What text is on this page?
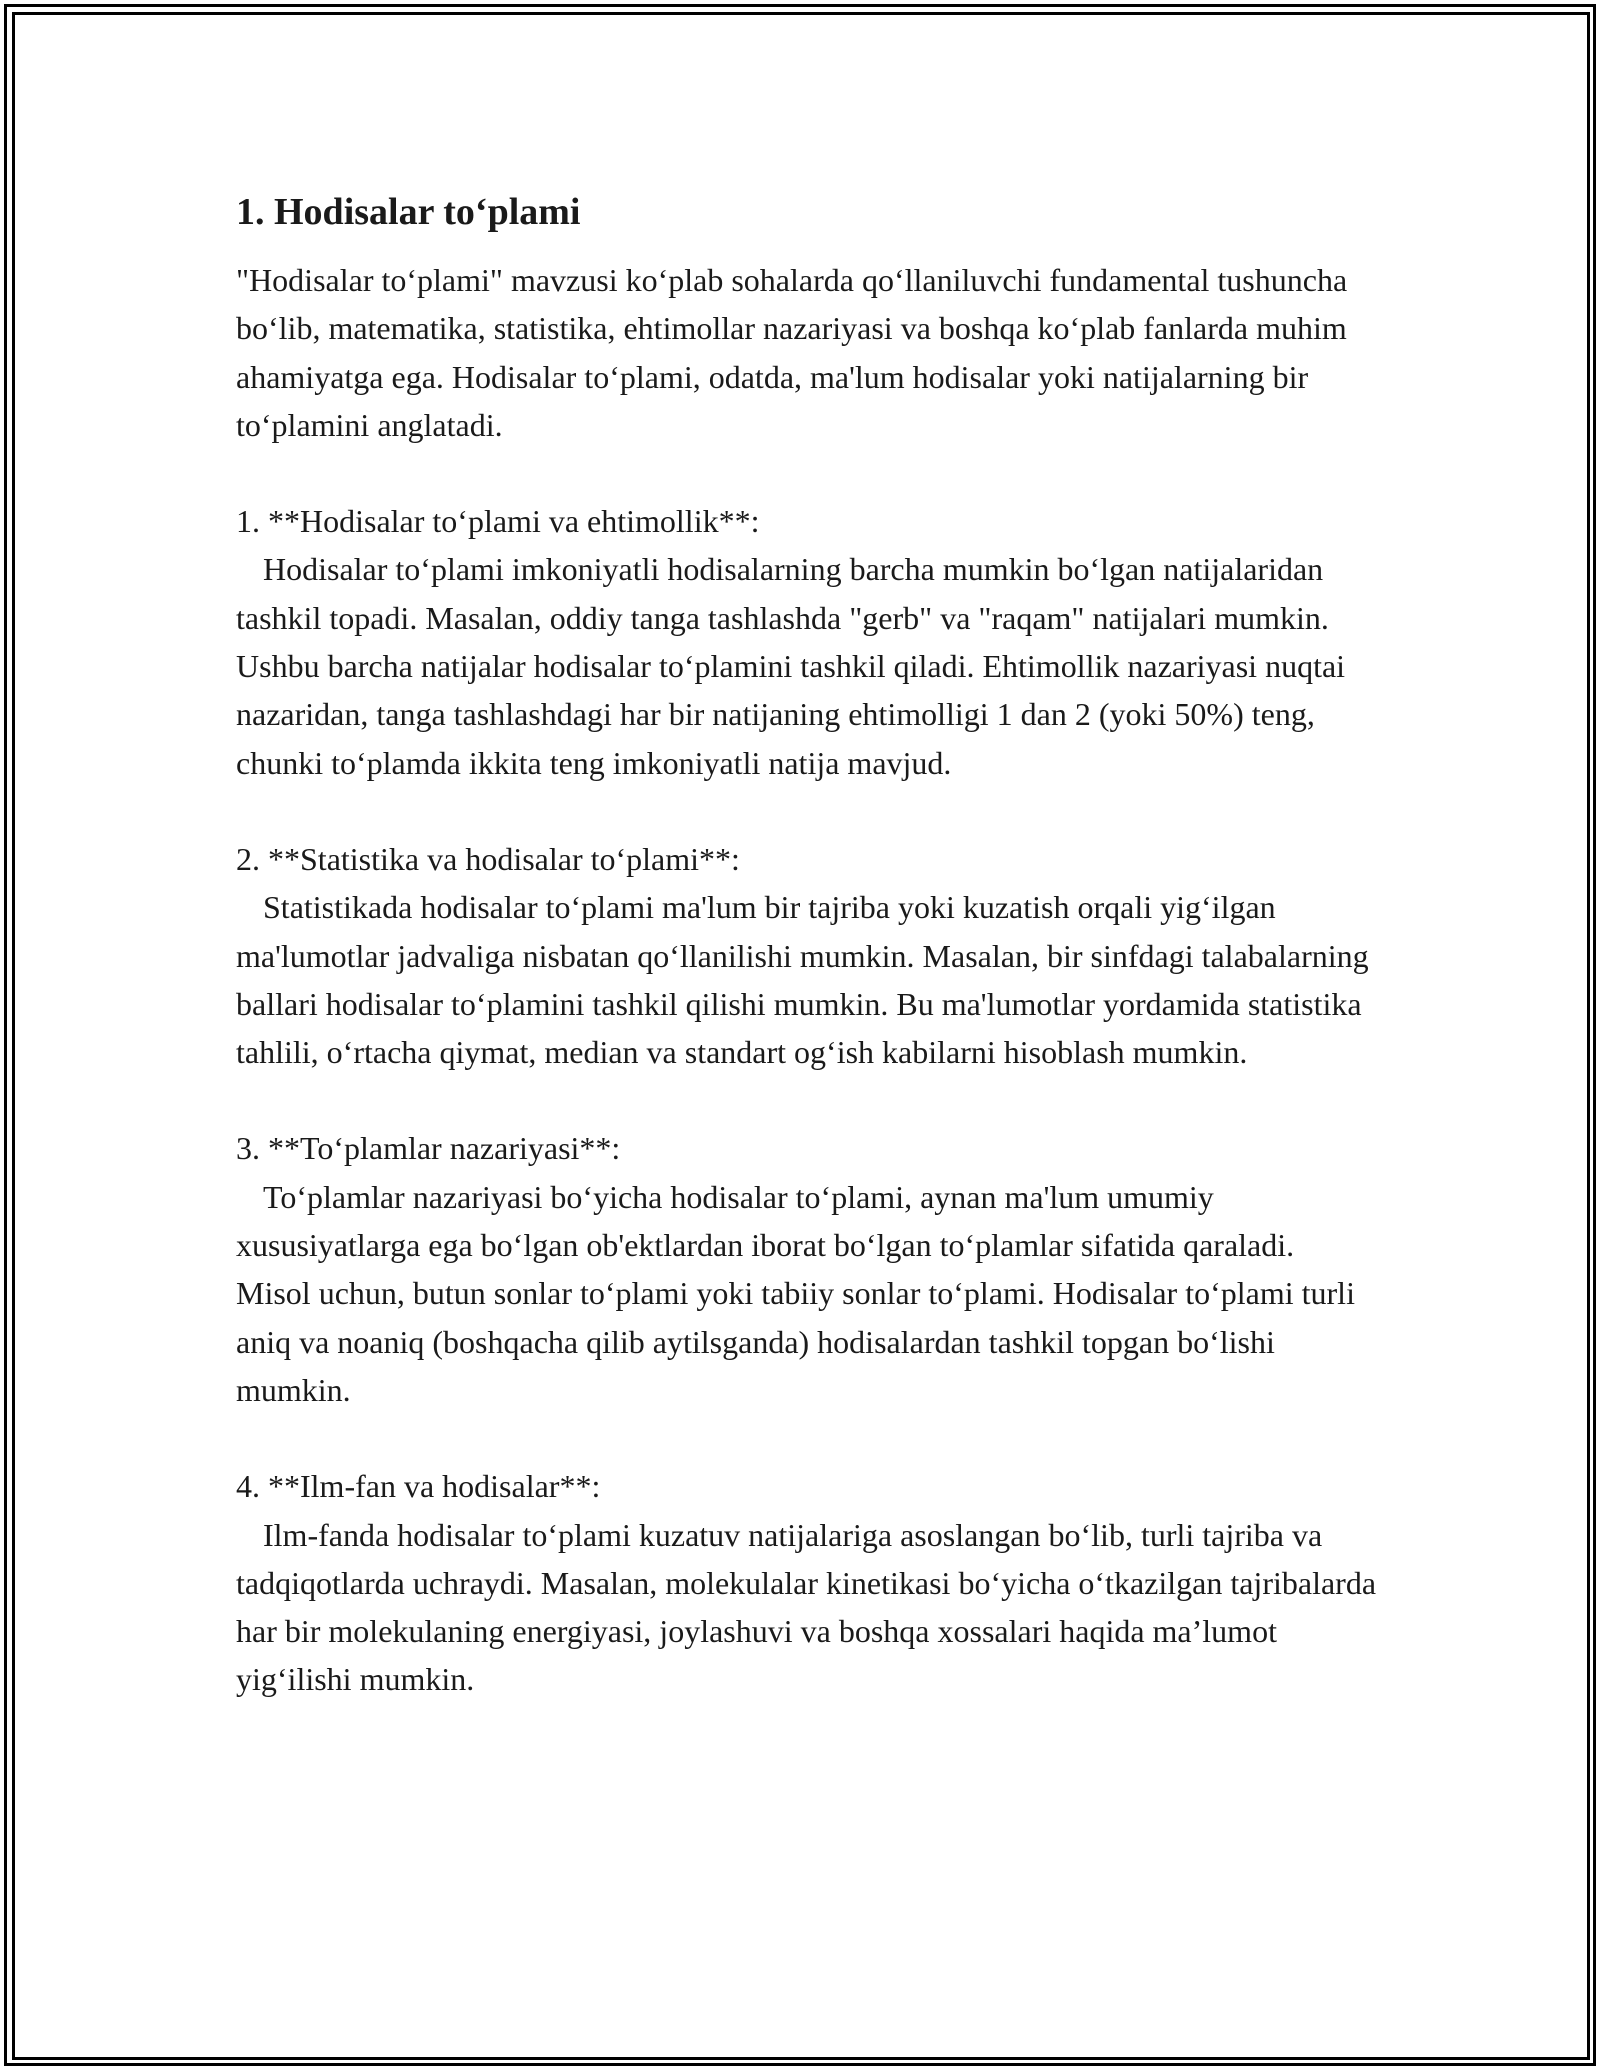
1. Hodisalar to‘plami

"Hodisalar to‘plami" mavzusi ko‘plab sohalarda qo‘llaniluvchi fundamental tushuncha bo‘lib, matematika, statistika, ehtimollar nazariyasi va boshqa ko‘plab fanlarda muhim ahamiyatga ega. Hodisalar to‘plami, odatda, ma'lum hodisalar yoki natijalarning bir to‘plamini anglatadi.

1. **Hodisalar to‘plami va ehtimollik**:

Hodisalar to‘plami imkoniyatli hodisalarning barcha mumkin bo‘lgan natijalaridan tashkil topadi. Masalan, oddiy tanga tashlashda "gerb" va "raqam" natijalari mumkin. Ushbu barcha natijalar hodisalar to‘plamini tashkil qiladi. Ehtimollik nazariyasi nuqtai nazaridan, tanga tashlashdagi har bir natijaning ehtimolligi 1 dan 2 (yoki 50%) teng, chunki to‘plamda ikkita teng imkoniyatli natija mavjud.

2. **Statistika va hodisalar to‘plami**:

Statistikada hodisalar to‘plami ma'lum bir tajriba yoki kuzatish orqali yig‘ilgan ma'lumotlar jadvaliga nisbatan qo‘llanilishi mumkin. Masalan, bir sinfdagi talabalarning ballari hodisalar to‘plamini tashkil qilishi mumkin. Bu ma'lumotlar yordamida statistika tahlili, o‘rtacha qiymat, median va standart og‘ish kabilarni hisoblash mumkin.

3. **To‘plamlar nazariyasi**:

To‘plamlar nazariyasi bo‘yicha hodisalar to‘plami, aynan ma'lum umumiy xususiyatlarga ega bo‘lgan ob'ektlardan iborat bo‘lgan to‘plamlar sifatida qaraladi. Misol uchun, butun sonlar to‘plami yoki tabiiy sonlar to‘plami. Hodisalar to‘plami turli aniq va noaniq (boshqacha qilib aytilsganda) hodisalardan tashkil topgan bo‘lishi mumkin.

4. **Ilm-fan va hodisalar**:

Ilm-fanda hodisalar to‘plami kuzatuv natijalariga asoslangan bo‘lib, turli tajriba va tadqiqotlarda uchraydi. Masalan, molekulalar kinetikasi bo‘yicha o‘tkazilgan tajribalarda har bir molekulaning energiyasi, joylashuvi va boshqa xossalari haqida ma’lumot yig‘ilishi mumkin.
